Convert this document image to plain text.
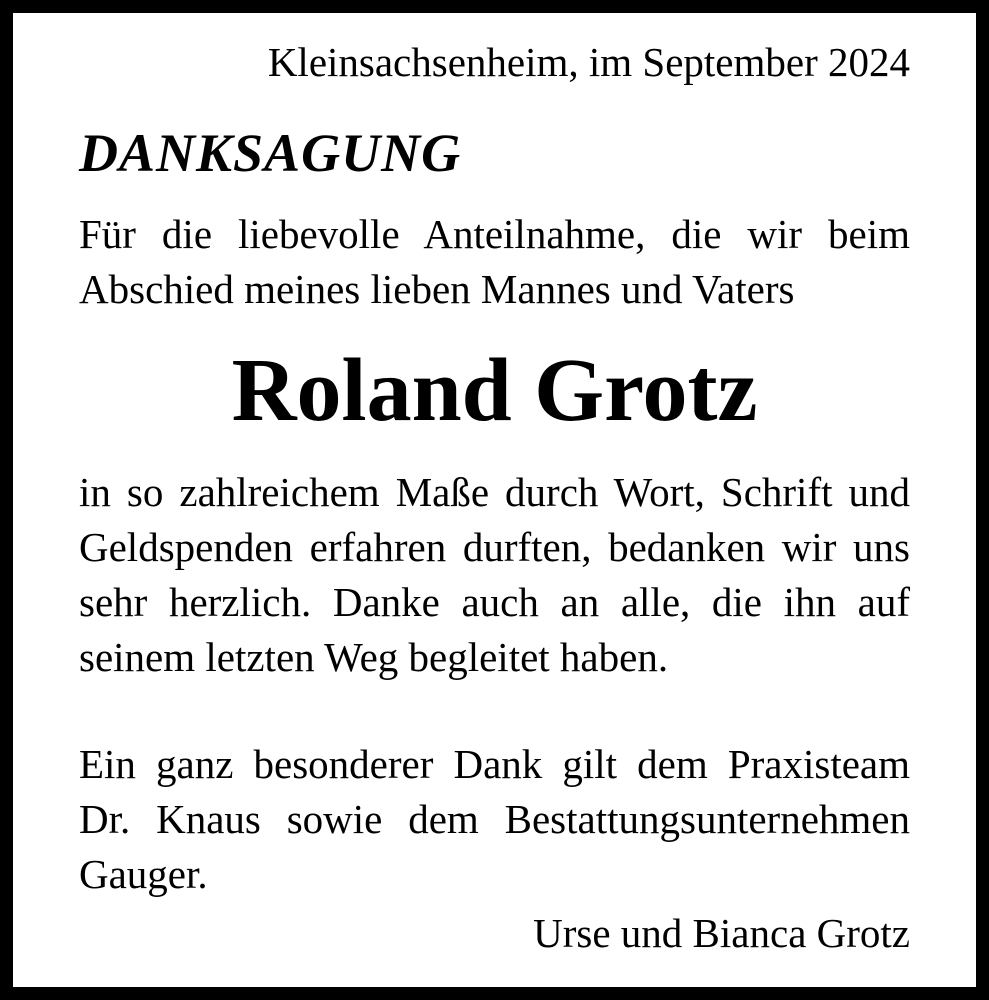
Kleinsachsenheim, im September 2024
DANKSAGUNG
Für die liebevolle Anteilnahme, die wir beim
Abschied meines lieben Mannes und Vaters
Roland Grotz
in so zahlreichem Maße durch Wort, Schrift und
Geldspenden erfahren durften, bedanken wir uns
sehr herzlich. Danke auch an alle, die ihn auf
seinem letzten Weg begleitet haben.
Ein ganz besonderer Dank gilt dem Praxisteam
Dr. Knaus sowie dem Bestattungsunternehmen
Gauger.
Urse und Bianca Grotz
